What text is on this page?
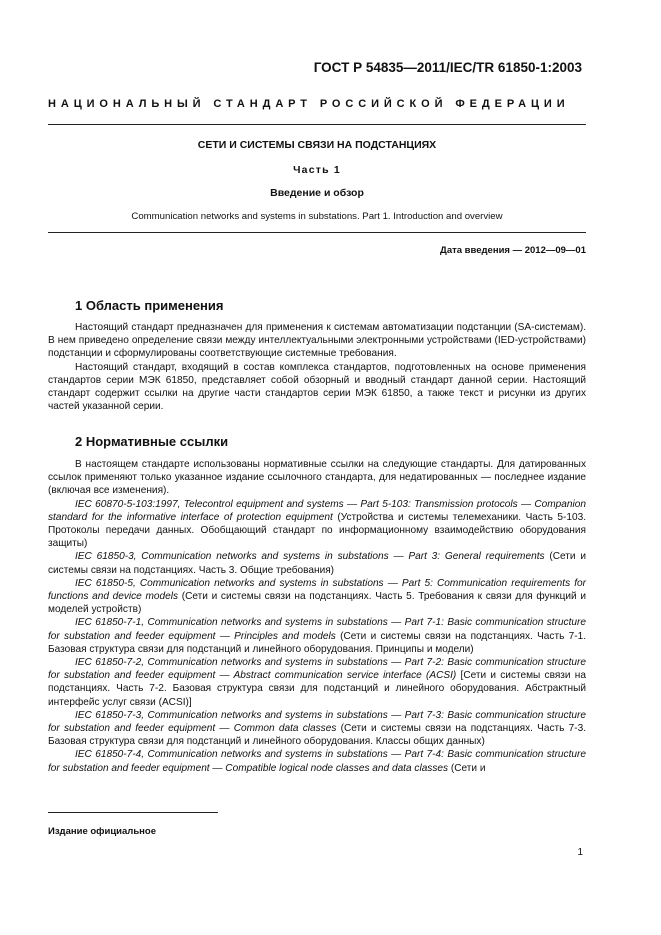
ГОСТ Р 54835—2011/IEC/TR 61850-1:2003
НАЦИОНАЛЬНЫЙ СТАНДАРТ РОССИЙСКОЙ ФЕДЕРАЦИИ
СЕТИ И СИСТЕМЫ СВЯЗИ НА ПОДСТАНЦИЯХ
Часть 1
Введение и обзор
Communication networks and systems in substations. Part 1. Introduction and overview
Дата введения — 2012—09—01
1 Область применения

Настоящий стандарт предназначен для применения к системам автоматизации подстанции (SA-системам). В нем приведено определение связи между интеллектуальными электронными устройствами (IED-устройствами) подстанции и сформулированы соответствующие системные требования.

Настоящий стандарт, входящий в состав комплекса стандартов, подготовленных на основе применения стандартов серии МЭК 61850, представляет собой обзорный и вводный стандарт данной серии. Настоящий стандарт содержит ссылки на другие части стандартов серии МЭК 61850, а также текст и рисунки из других частей указанной серии.

2 Нормативные ссылки

В настоящем стандарте использованы нормативные ссылки на следующие стандарты. Для датированных ссылок применяют только указанное издание ссылочного стандарта, для недатированных — последнее издание (включая все изменения).

IEC 60870-5-103:1997, Telecontrol equipment and systems — Part 5-103: Transmission protocols — Companion standard for the informative interface of protection equipment (Устройства и системы телемеханики. Часть 5-103. Протоколы передачи данных. Обобщающий стандарт по информационному взаимодействию оборудования защиты)

IEC 61850-3, Communication networks and systems in substations — Part 3: General requirements (Сети и системы связи на подстанциях. Часть 3. Общие требования)

IEC 61850-5, Communication networks and systems in substations — Part 5: Communication requirements for functions and device models (Сети и системы связи на подстанциях. Часть 5. Требования к связи для функций и моделей устройств)

IEC 61850-7-1, Communication networks and systems in substations — Part 7-1: Basic communication structure for substation and feeder equipment — Principles and models (Сети и системы связи на подстанциях. Часть 7-1. Базовая структура связи для подстанций и линейного оборудования. Принципы и модели)

IEC 61850-7-2, Communication networks and systems in substations — Part 7-2: Basic communication structure for substation and feeder equipment — Abstract communication service interface (ACSI) [Сети и системы связи на подстанциях. Часть 7-2. Базовая структура связи для подстанций и линейного оборудования. Абстрактный интерфейс услуг связи (ACSI)]

IEC 61850-7-3, Communication networks and systems in substations — Part 7-3: Basic communication structure for substation and feeder equipment — Common data classes (Сети и системы связи на подстанциях. Часть 7-3. Базовая структура связи для подстанций и линейного оборудования. Классы общих данных)

IEC 61850-7-4, Communication networks and systems in substations — Part 7-4: Basic communication structure for substation and feeder equipment — Compatible logical node classes and data classes (Сети и

Издание официальное
1
